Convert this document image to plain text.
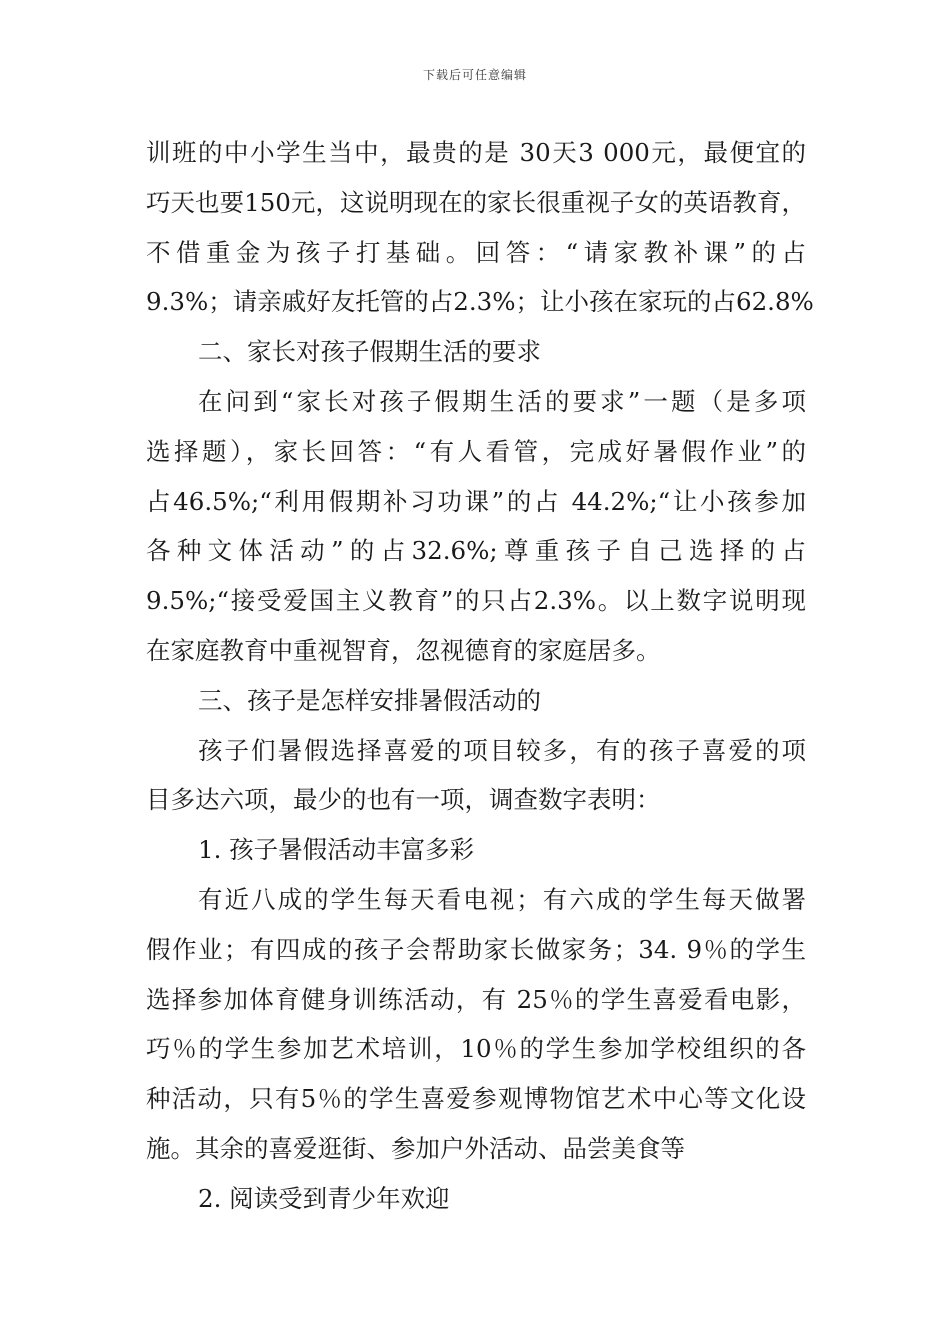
下载后可任意编辑
训班的中小学生当中，最贵的是 30天3 000元，最便宜的
巧天也要150元，这说明现在的家长很重视子女的英语教育，
不借重金为孩子打基础。回答：“请家教补课”的占
9.3%；请亲戚好友托管的占2.3%；让小孩在家玩的占62.8%
二、家长对孩子假期生活的要求
在问到“家长对孩子假期生活的要求”一题（是多项
选择题），家长回答：“有人看管，完成好暑假作业”的
占46.5%;“利用假期补习功课”的占 44.2%;“让小孩参加
各种文体活动”的占32.6%;尊重孩子自己选择的占
9.5%;“接受爱国主义教育”的只占2.3%。以上数字说明现
在家庭教育中重视智育，忽视德育的家庭居多。
三、孩子是怎样安排暑假活动的
孩子们暑假选择喜爱的项目较多，有的孩子喜爱的项
目多达六项，最少的也有一项，调查数字表明：
1. 孩子暑假活动丰富多彩
有近八成的学生每天看电视；有六成的学生每天做署
假作业；有四成的孩子会帮助家长做家务；34. 9％的学生
选择参加体育健身训练活动，有 25％的学生喜爱看电影，
巧％的学生参加艺术培训，10％的学生参加学校组织的各
种活动，只有5％的学生喜爱参观博物馆艺术中心等文化设
施。其余的喜爱逛街、参加户外活动、品尝美食等
2. 阅读受到青少年欢迎
